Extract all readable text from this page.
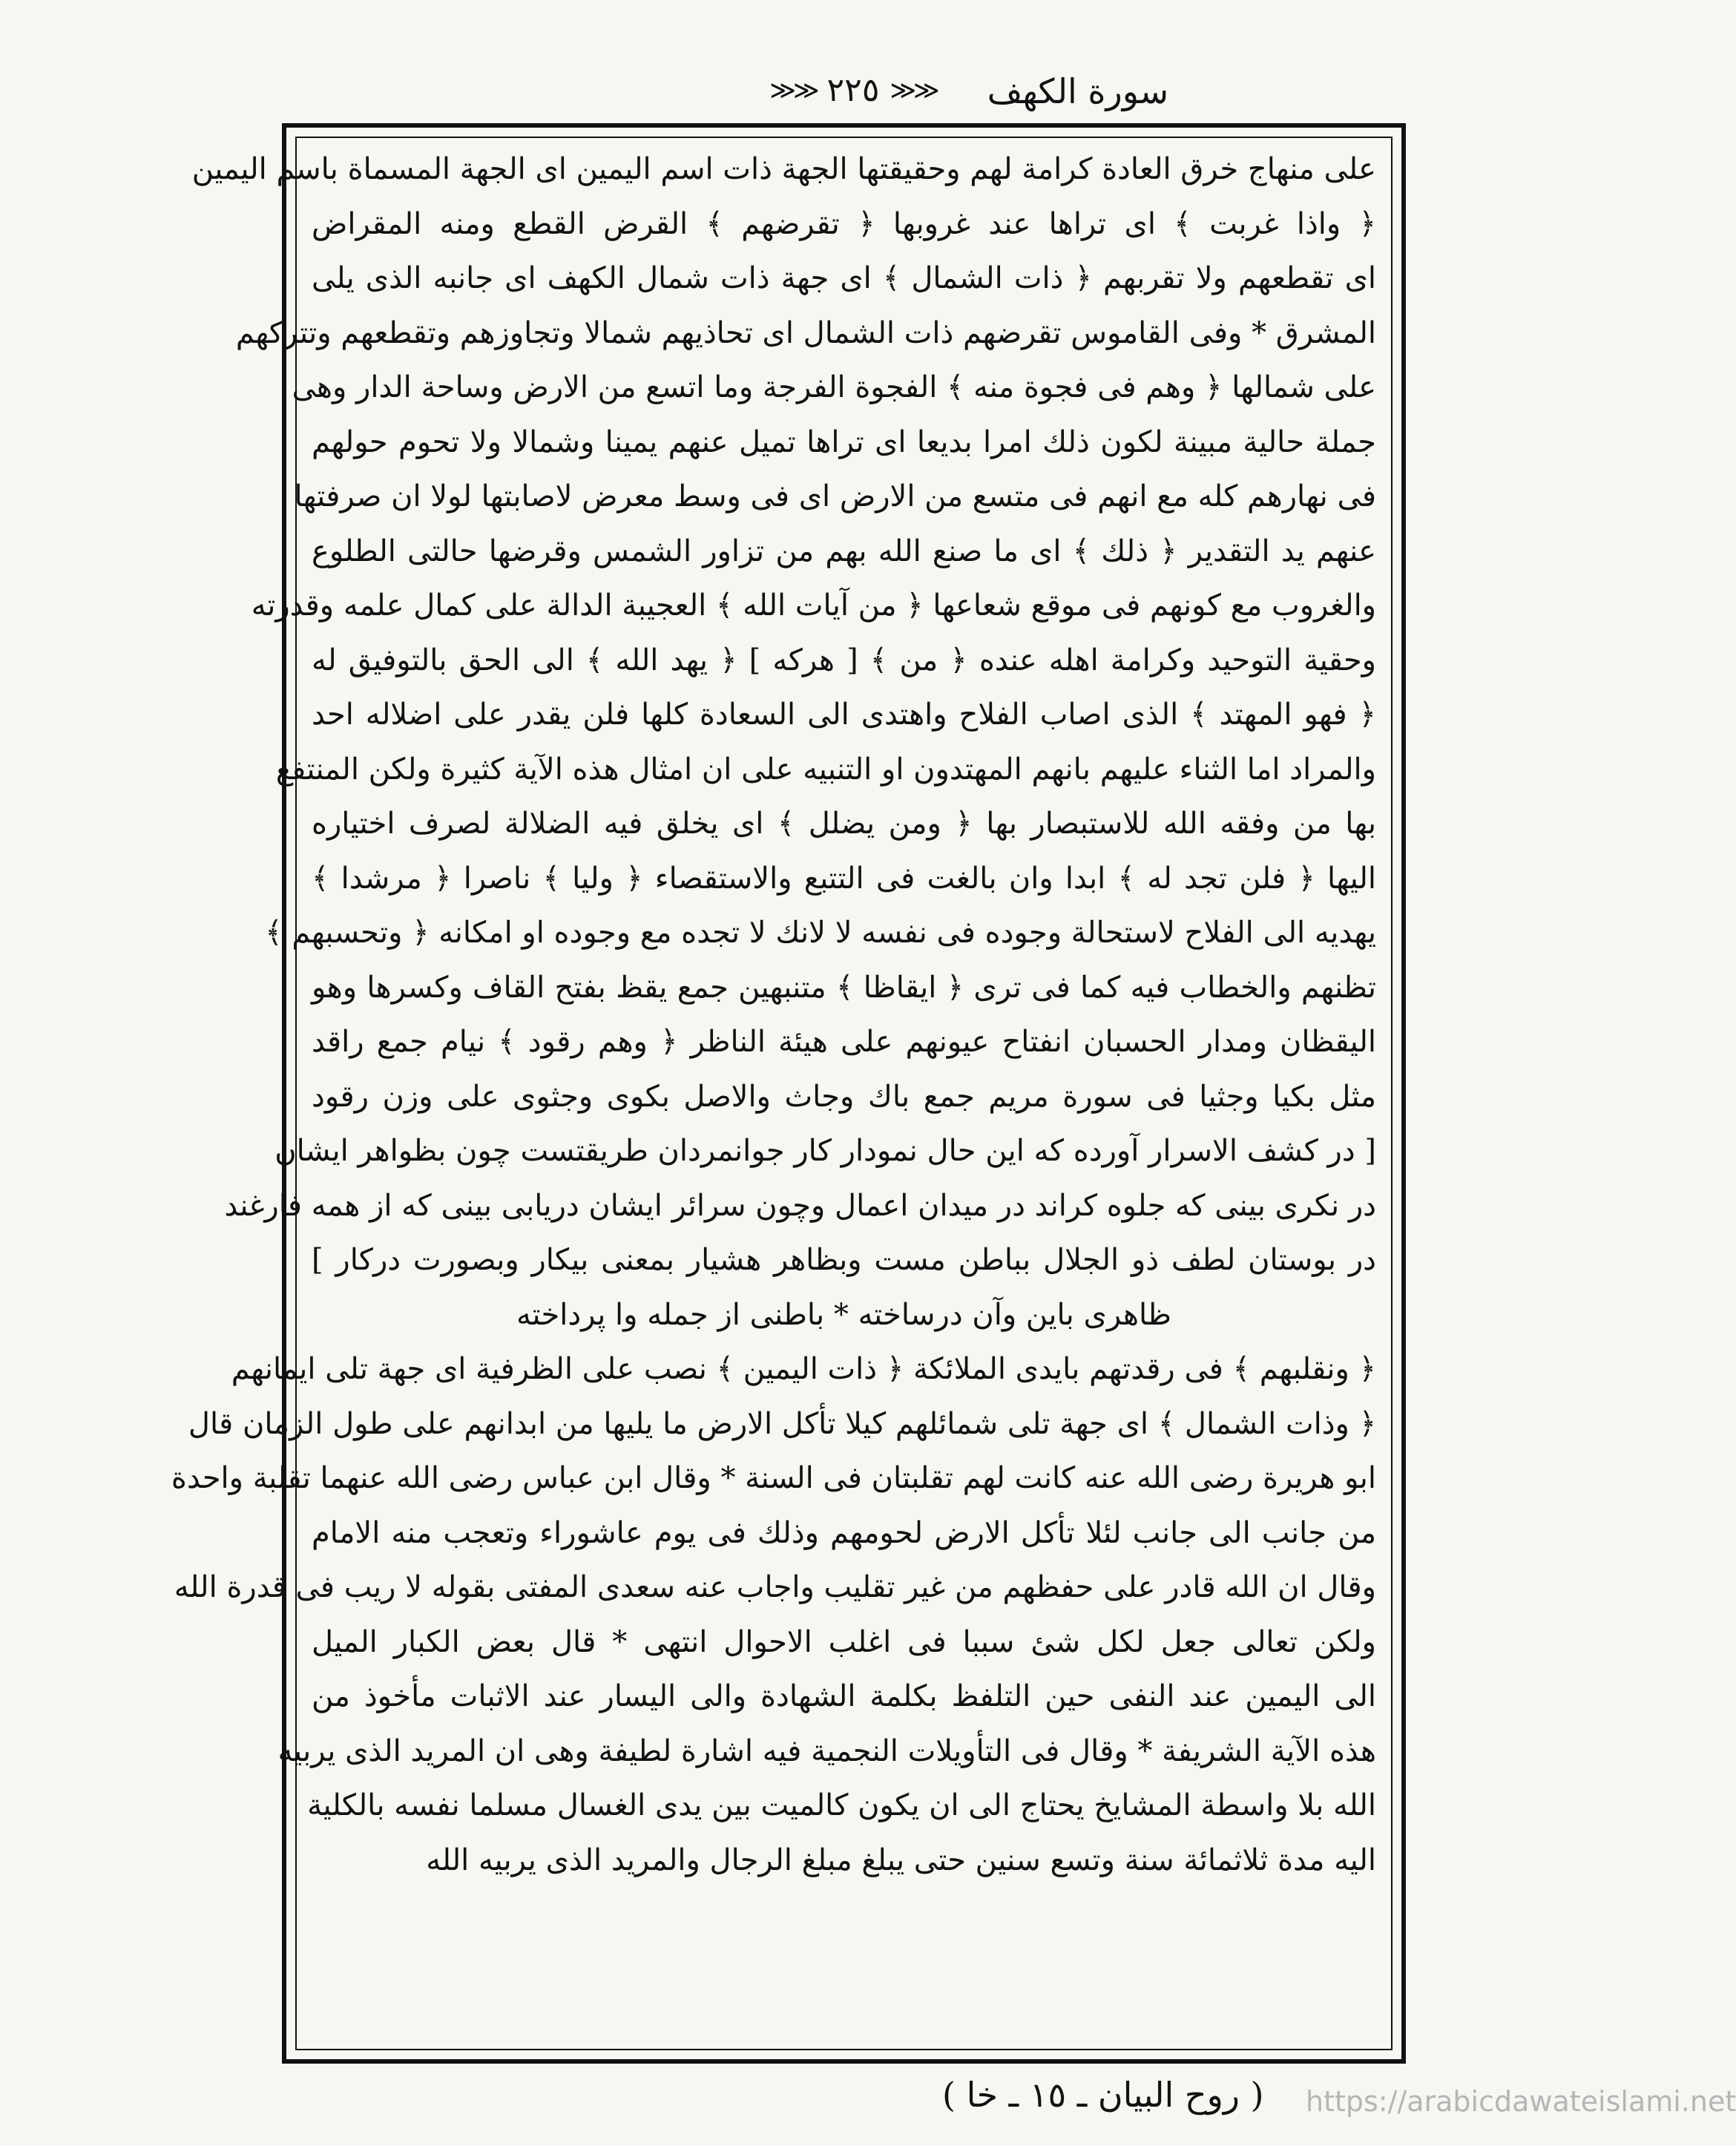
سورة الكهف
≫≫ ٢٢٥ ≫≫
على منهاج خرق العادة كرامة لهم وحقيقتها الجهة ذات اسم اليمين اى الجهة المسماة باسم اليمين
﴿ واذا غربت ﴾ اى تراها عند غروبها ﴿ تقرضهم ﴾ القرض القطع ومنه المقراض
اى تقطعهم ولا تقربهم ﴿ ذات الشمال ﴾ اى جهة ذات شمال الكهف اى جانبه الذى يلى
المشرق * وفى القاموس تقرضهم ذات الشمال اى تحاذيهم شمالا وتجاوزهم وتقطعهم وتتركهم
على شمالها ﴿ وهم فى فجوة منه ﴾ الفجوة الفرجة وما اتسع من الارض وساحة الدار وهى
جملة حالية مبينة لكون ذلك امرا بديعا اى تراها تميل عنهم يمينا وشمالا ولا تحوم حولهم
فى نهارهم كله مع انهم فى متسع من الارض اى فى وسط معرض لاصابتها لولا ان صرفتها
عنهم يد التقدير ﴿ ذلك ﴾ اى ما صنع الله بهم من تزاور الشمس وقرضها حالتى الطلوع
والغروب مع كونهم فى موقع شعاعها ﴿ من آيات الله ﴾ العجيبة الدالة على كمال علمه وقدرته
وحقية التوحيد وكرامة اهله عنده ﴿ من ﴾ [ هركه ] ﴿ يهد الله ﴾ الى الحق بالتوفيق له
﴿ فهو المهتد ﴾ الذى اصاب الفلاح واهتدى الى السعادة كلها فلن يقدر على اضلاله احد
والمراد اما الثناء عليهم بانهم المهتدون او التنبيه على ان امثال هذه الآية كثيرة ولكن المنتفع
بها من وفقه الله للاستبصار بها ﴿ ومن يضلل ﴾ اى يخلق فيه الضلالة لصرف اختياره
اليها ﴿ فلن تجد له ﴾ ابدا وان بالغت فى التتبع والاستقصاء ﴿ وليا ﴾ ناصرا ﴿ مرشدا ﴾
يهديه الى الفلاح لاستحالة وجوده فى نفسه لا لانك لا تجده مع وجوده او امكانه ﴿ وتحسبهم ﴾
تظنهم والخطاب فيه كما فى ترى ﴿ ايقاظا ﴾ متنبهين جمع يقظ بفتح القاف وكسرها وهو
اليقظان ومدار الحسبان انفتاح عيونهم على هيئة الناظر ﴿ وهم رقود ﴾ نيام جمع راقد
مثل بكيا وجثيا فى سورة مريم جمع باك وجاث والاصل بكوى وجثوى على وزن رقود
[ در كشف الاسرار آورده كه اين حال نمودار كار جوانمردان طريقتست چون بظواهر ايشان
در نكرى بينى كه جلوه كراند در ميدان اعمال وچون سرائر ايشان دريابى بينى كه از همه فارغند
در بوستان لطف ذو الجلال بباطن مست وبظاهر هشيار بمعنى بيكار وبصورت دركار ]
ظاهرى باين وآن درساخته * باطنى از جمله وا پرداخته
﴿ ونقلبهم ﴾ فى رقدتهم بايدى الملائكة ﴿ ذات اليمين ﴾ نصب على الظرفية اى جهة تلى ايمانهم
﴿ وذات الشمال ﴾ اى جهة تلى شمائلهم كيلا تأكل الارض ما يليها من ابدانهم على طول الزمان قال
ابو هريرة رضى الله عنه كانت لهم تقلبتان فى السنة * وقال ابن عباس رضى الله عنهما تقلبة واحدة
من جانب الى جانب لئلا تأكل الارض لحومهم وذلك فى يوم عاشوراء وتعجب منه الامام
وقال ان الله قادر على حفظهم من غير تقليب واجاب عنه سعدى المفتى بقوله لا ريب فى قدرة الله
ولكن تعالى جعل لكل شئ سببا فى اغلب الاحوال انتهى * قال بعض الكبار الميل
الى اليمين عند النفى حين التلفظ بكلمة الشهادة والى اليسار عند الاثبات مأخوذ من
هذه الآية الشريفة * وقال فى التأويلات النجمية فيه اشارة لطيفة وهى ان المريد الذى يربيه
الله بلا واسطة المشايخ يحتاج الى ان يكون كالميت بين يدى الغسال مسلما نفسه بالكلية
اليه مدة ثلاثمائة سنة وتسع سنين حتى يبلغ مبلغ الرجال والمريد الذى يربيه الله
( روح البيان ـ ١٥ ـ خا ) https://arabicdawateislami.net
